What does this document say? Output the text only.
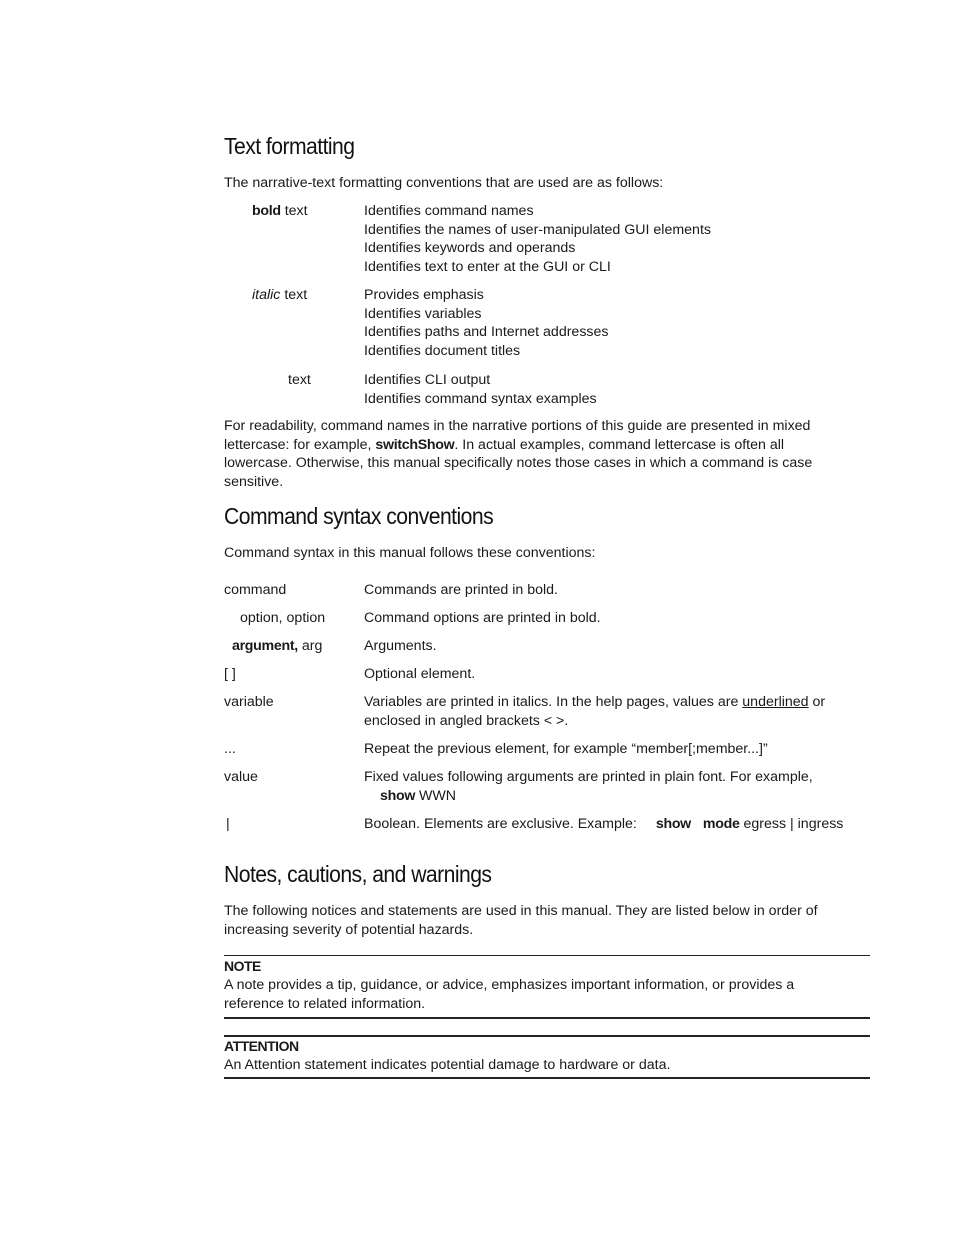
Text formatting

The narrative-text formatting conventions that are used are as follows:

bold text	Identifies command names
Identifies the names of user-manipulated GUI elements
Identifies keywords and operands
Identifies text to enter at the GUI or CLI
italic text	Provides emphasis
Identifies variables
Identifies paths and Internet addresses
Identifies document titles
text	Identifies CLI output
Identifies command syntax examples
For readability, command names in the narrative portions of this guide are presented in mixed
lettercase: for example, switchShow. In actual examples, command lettercase is often all
lowercase. Otherwise, this manual specifically notes those cases in which a command is case
sensitive.
Command syntax conventions

Command syntax in this manual follows these conventions:

command	Commands are printed in bold.
option, option	Command options are printed in bold.
argument, arg	Arguments.
[ ]	Optional element.
variable	Variables are printed in italics. In the help pages, values are underlined or
enclosed in angled brackets < >.
...	Repeat the previous element, for example “member[;member...]”
value	Fixed values following arguments are printed in plain font. For example,
show WWN
|	Boolean. Elements are exclusive. Example: show mode egress | ingress
Notes, cautions, and warnings
The following notices and statements are used in this manual. They are listed below in order of
increasing severity of potential hazards.
NOTE
A note provides a tip, guidance, or advice, emphasizes important information, or provides a
reference to related information.
ATTENTION
An Attention statement indicates potential damage to hardware or data.
